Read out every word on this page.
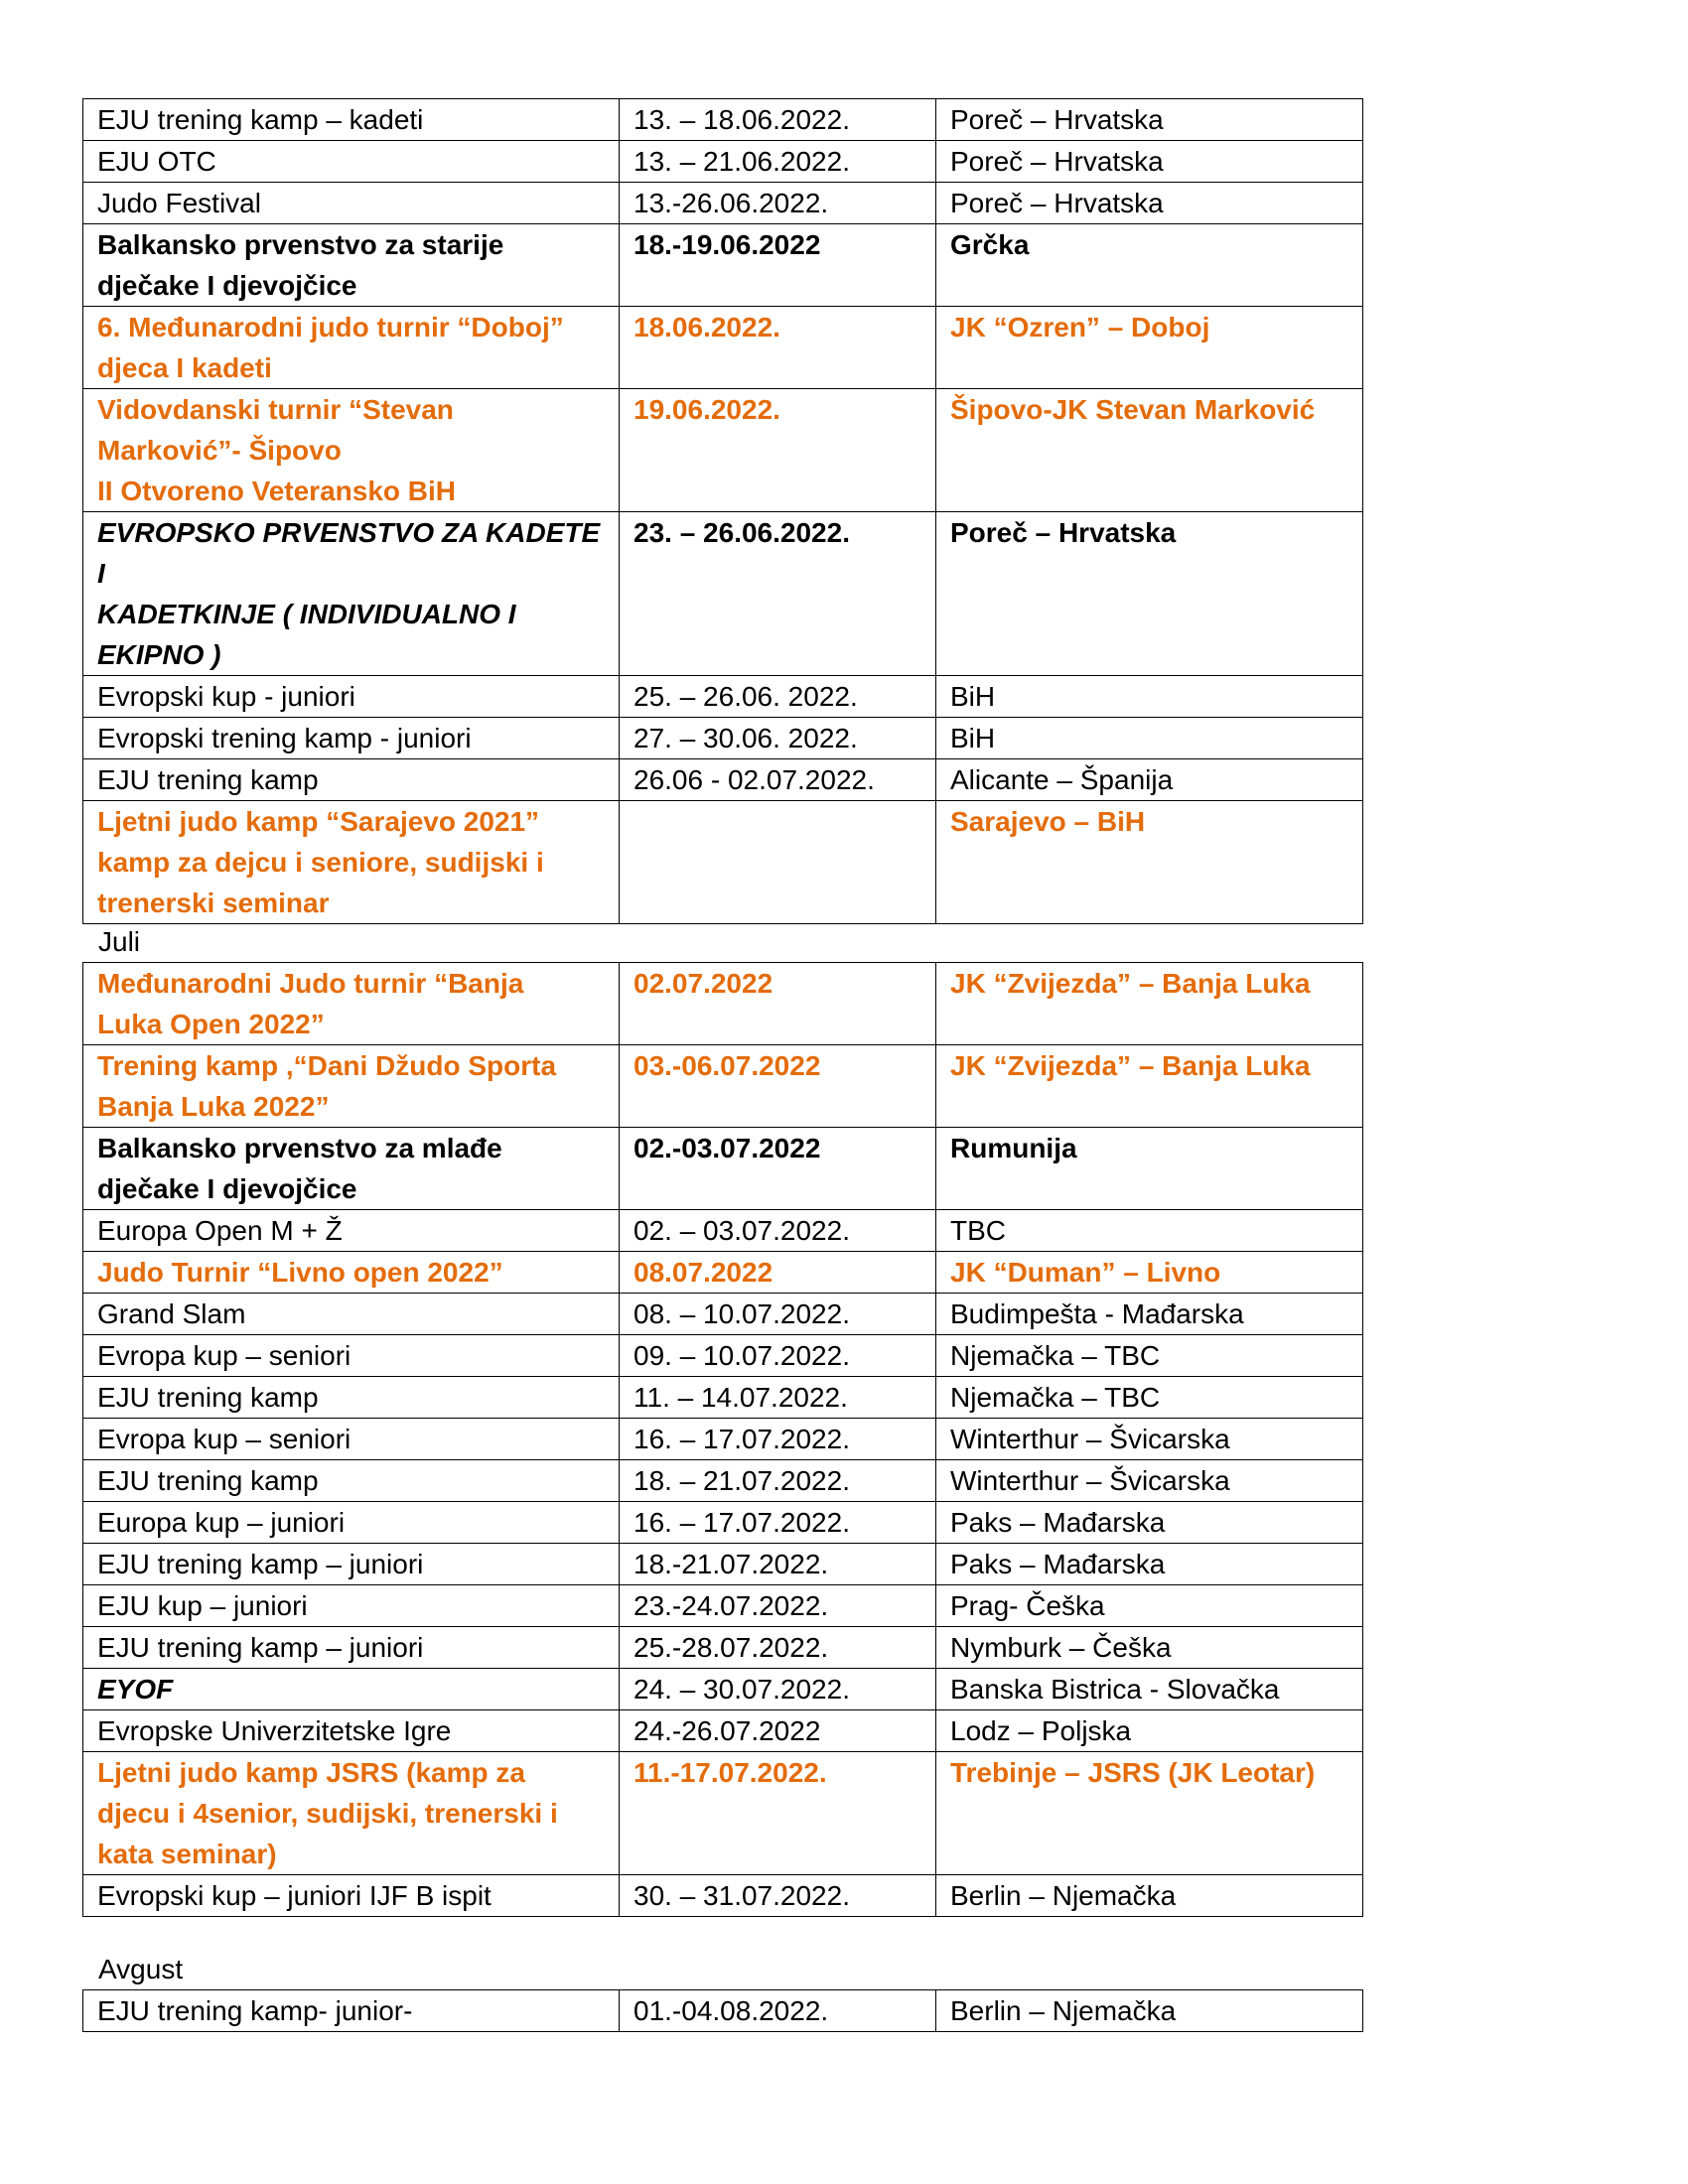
EJU trening kamp – kadeti	13. – 18.06.2022.	Poreč – Hrvatska

EJU OTC	13. – 21.06.2022.	Poreč – Hrvatska

Judo Festival	13.-26.06.2022.	Poreč – Hrvatska

Balkansko prvenstvo za starije
dječake I djevojčice	18.-19.06.2022	Grčka

6. Međunarodni judo turnir “Doboj”
djeca I kadeti	18.06.2022.	JK “Ozren” – Doboj

Vidovdanski turnir “Stevan
Marković”- Šipovo
II Otvoreno Veteransko BiH	19.06.2022.	Šipovo-JK Stevan Marković

EVROPSKO PRVENSTVO ZA KADETE I
KADETKINJE ( INDIVIDUALNO I
EKIPNO )	23. – 26.06.2022.	Poreč – Hrvatska

Evropski kup - juniori	25. – 26.06. 2022.	BiH

Evropski trening kamp - juniori	27. – 30.06. 2022.	BiH

EJU trening kamp	26.06 - 02.07.2022.	Alicante – Španija

Ljetni judo kamp “Sarajevo 2021”
kamp za dejcu i seniore, sudijski i
trenerski seminar		Sarajevo – BiH
Juli
Međunarodni Judo turnir “Banja
Luka Open 2022”	02.07.2022	JK “Zvijezda” – Banja Luka

Trening kamp ,“Dani Džudo Sporta
Banja Luka 2022”	03.-06.07.2022	JK “Zvijezda” – Banja Luka

Balkansko prvenstvo za mlađe
dječake I djevojčice	02.-03.07.2022	Rumunija

Europa Open M + Ž	02. – 03.07.2022.	TBC

Judo Turnir “Livno open 2022”	08.07.2022	JK “Duman” – Livno

Grand Slam	08. – 10.07.2022.	Budimpešta - Mađarska

Evropa kup – seniori	09. – 10.07.2022.	Njemačka – TBC

EJU trening kamp	11. – 14.07.2022.	Njemačka – TBC

Evropa kup – seniori	16. – 17.07.2022.	Winterthur – Švicarska

EJU trening kamp	18. – 21.07.2022.	Winterthur – Švicarska

Europa kup – juniori	16. – 17.07.2022.	Paks – Mađarska

EJU trening kamp – juniori	18.-21.07.2022.	Paks – Mađarska

EJU kup – juniori	23.-24.07.2022.	Prag- Češka

EJU trening kamp – juniori	25.-28.07.2022.	Nymburk – Češka

EYOF	24. – 30.07.2022.	Banska Bistrica - Slovačka

Evropske Univerzitetske Igre	24.-26.07.2022	Lodz – Poljska

Ljetni judo kamp JSRS (kamp za
djecu i 4senior, sudijski, trenerski i
kata seminar)	11.-17.07.2022.	Trebinje – JSRS (JK Leotar)

Evropski kup – juniori IJF B ispit	30. – 31.07.2022.	Berlin – Njemačka
Avgust
EJU trening kamp- junior-	01.-04.08.2022.	Berlin – Njemačka
